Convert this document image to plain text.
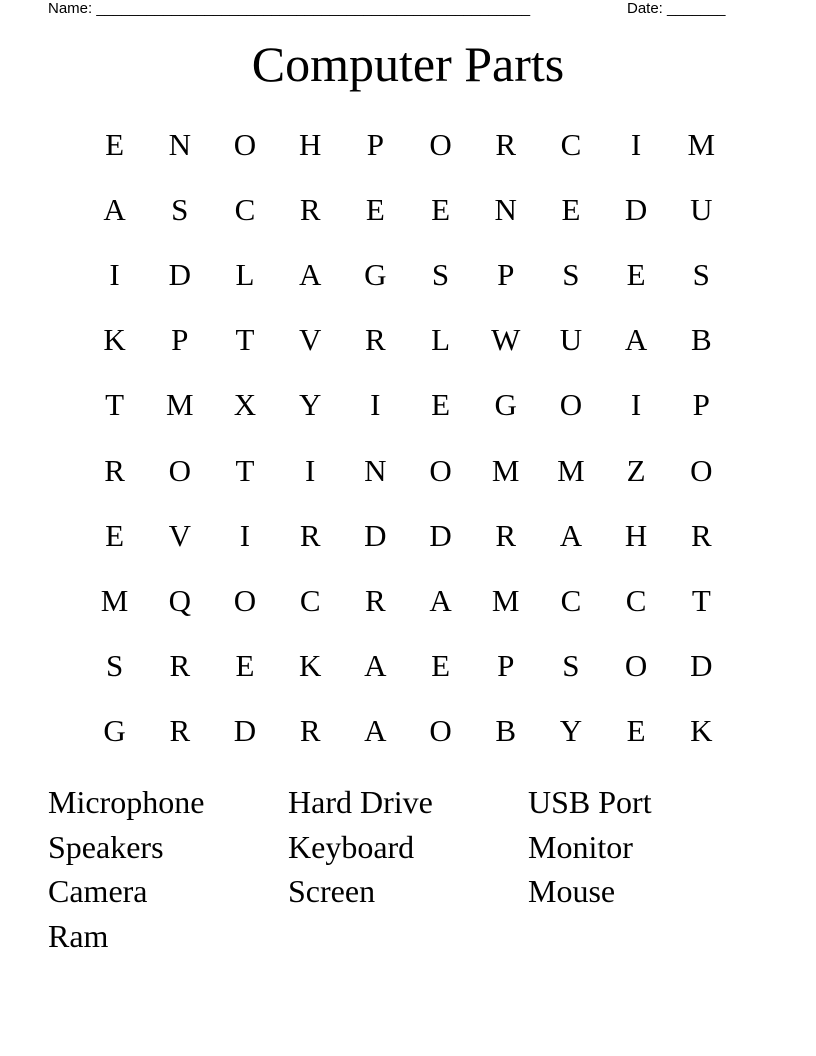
Name: ____________________________________________________	Date: _______
Computer Parts
E	N	O	H	P	O	R	C	I	M
A	S	C	R	E	E	N	E	D	U
I	D	L	A	G	S	P	S	E	S
K	P	T	V	R	L	W	U	A	B
T	M	X	Y	I	E	G	O	I	P
R	O	T	I	N	O	M	M	Z	O
E	V	I	R	D	D	R	A	H	R
M	Q	O	C	R	A	M	C	C	T
S	R	E	K	A	E	P	S	O	D
G	R	D	R	A	O	B	Y	E	K
Microphone	Hard Drive	USB Port
Speakers	Keyboard	Monitor
Camera	Screen	Mouse
Ram
